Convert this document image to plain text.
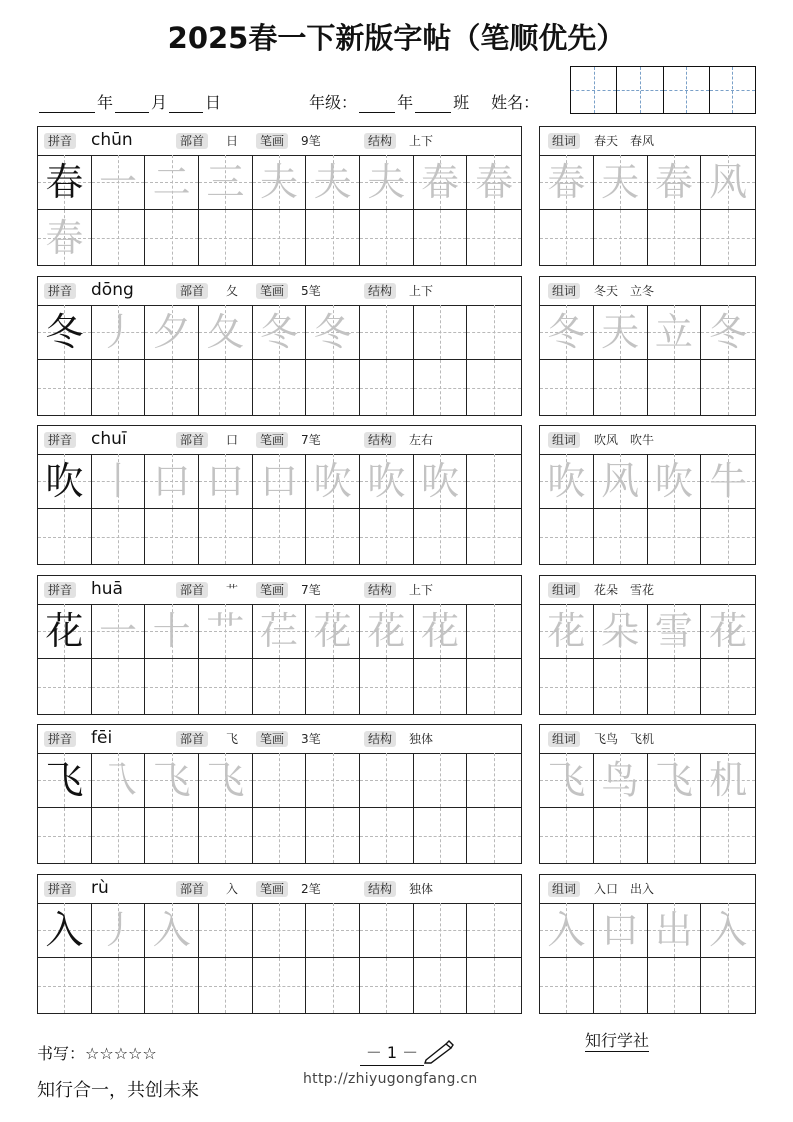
2025春一下新版字帖（笔顺优先）
年 月 日	年级：	年	班 姓名：
拼音 chūn	部首	日	笔画	9笔	结构	上下
春 一 二 三 夫 夫 夫 春 春
春
组词	春天　春风
春 天 春 风
拼音 dōng	部首	夂	笔画	5笔	结构	上下
冬 丿 夕 夂 冬 冬
组词	冬天　立冬
冬 天 立 冬
拼音 chuī	部首	口	笔画	7笔	结构	左右
吹 丨 口 口 口 吹 吹 吹
组词	吹风　吹牛
吹 风 吹 牛
拼音 huā	部首	艹	笔画	7笔	结构	上下
花 一 十 艹 芢 花 花 花
组词	花朵　雪花
花 朵 雪 花
拼音 fēi	部首	飞	笔画	3笔	结构	独体
飞 乁 飞 飞
组词	飞鸟　飞机
飞 鸟 飞 机
拼音 rù	部首	入	笔画	2笔	结构	独体
入 丿 入
组词	入口　出入
入 口 出 入
书写：☆☆☆☆☆
知行合一，共创未来
－ 1 －
http://zhiyugongfang.cn
知行学社
